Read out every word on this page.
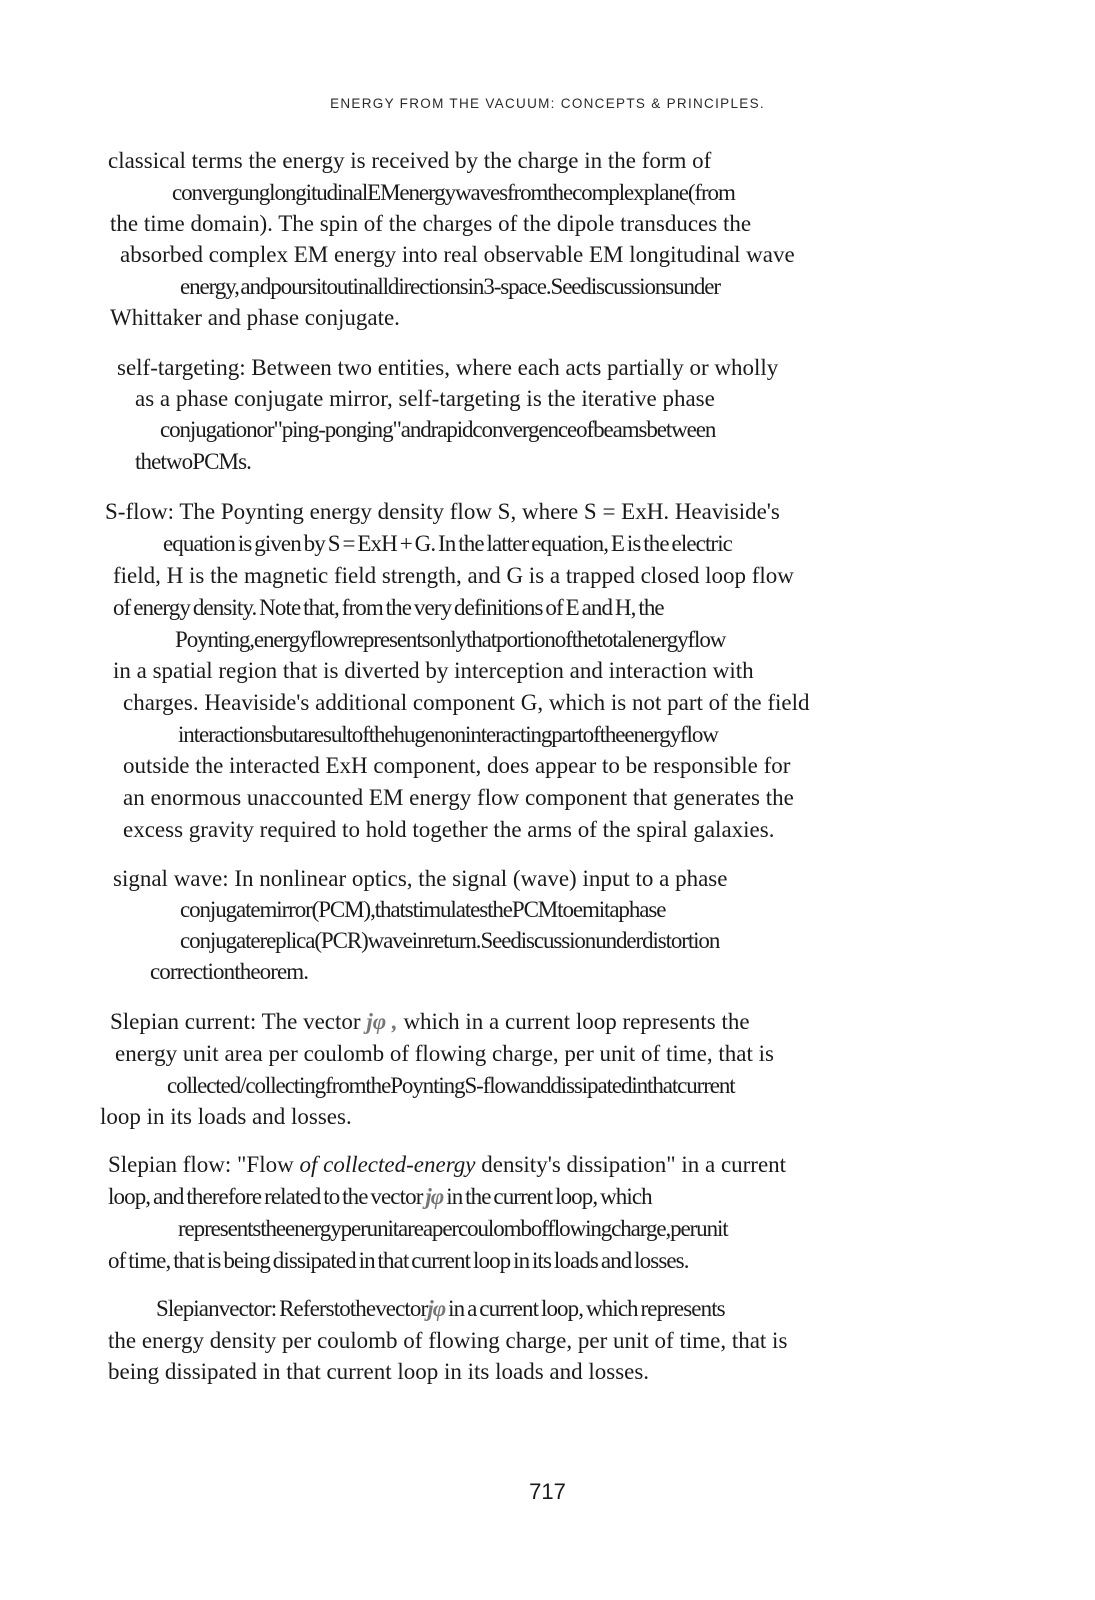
ENERGY FROM THE VACUUM: CONCEPTS & PRINCIPLES.
classical terms the energy is received by the charge in the form of
convergunglongitudinalEMenergywavesfromthecomplexplane(from
the time domain). The spin of the charges of the dipole transduces the
absorbed complex EM energy into real observable EM longitudinal wave
energy, andpoursitoutinalldirectionsin3-space.Seediscussionsunder
Whittaker and phase conjugate.
self-targeting: Between two entities, where each acts partially or wholly
as a phase conjugate mirror, self-targeting is the iterative phase
conjugationor"ping-ponging"andrapidconvergenceofbeamsbetween
thetwoPCMs.
S-flow: The Poynting energy density flow S, where S = ExH. Heaviside's
equation is given by S = ExH + G. In the latter equation, E is the electric
field, H is the magnetic field strength, and G is a trapped closed loop flow
of energy density. Note that, from the very definitions of E and H, the
Poynting,energyflowrepresentsonlythatportionofthetotalenergyflow
in a spatial region that is diverted by interception and interaction with
charges. Heaviside's additional component G, which is not part of the field
interactionsbutaresultofthehugenoninteractingpartoftheenergyflow
outside the interacted ExH component, does appear to be responsible for
an enormous unaccounted EM energy flow component that generates the
excess gravity required to hold together the arms of the spiral galaxies.
signal wave: In nonlinear optics, the signal (wave) input to a phase
conjugatemirror(PCM),thatstimulatesthePCMtoemitaphase
conjugatereplica(PCR)waveinreturn.Seediscussionunderdistortion
correctiontheorem.
Slepian current: The vector jφ , which in a current loop represents the
energy unit area per coulomb of flowing charge, per unit of time, that is
collected/collectingfromthePoyntingS-flowanddissipatedinthatcurrent
loop in its loads and losses.
Slepian flow: "Flow of collected-energy density's dissipation" in a current
loop, and therefore related to the vector jφ in the current loop, which
representstheenergyperunitareapercoulombofflowingcharge,perunit
of time, that is being dissipated in that current loop in its loads and losses.
Slepianvector: Referstothevectorjφ in a current loop, which represents
the energy density per coulomb of flowing charge, per unit of time, that is
being dissipated in that current loop in its loads and losses.
717
